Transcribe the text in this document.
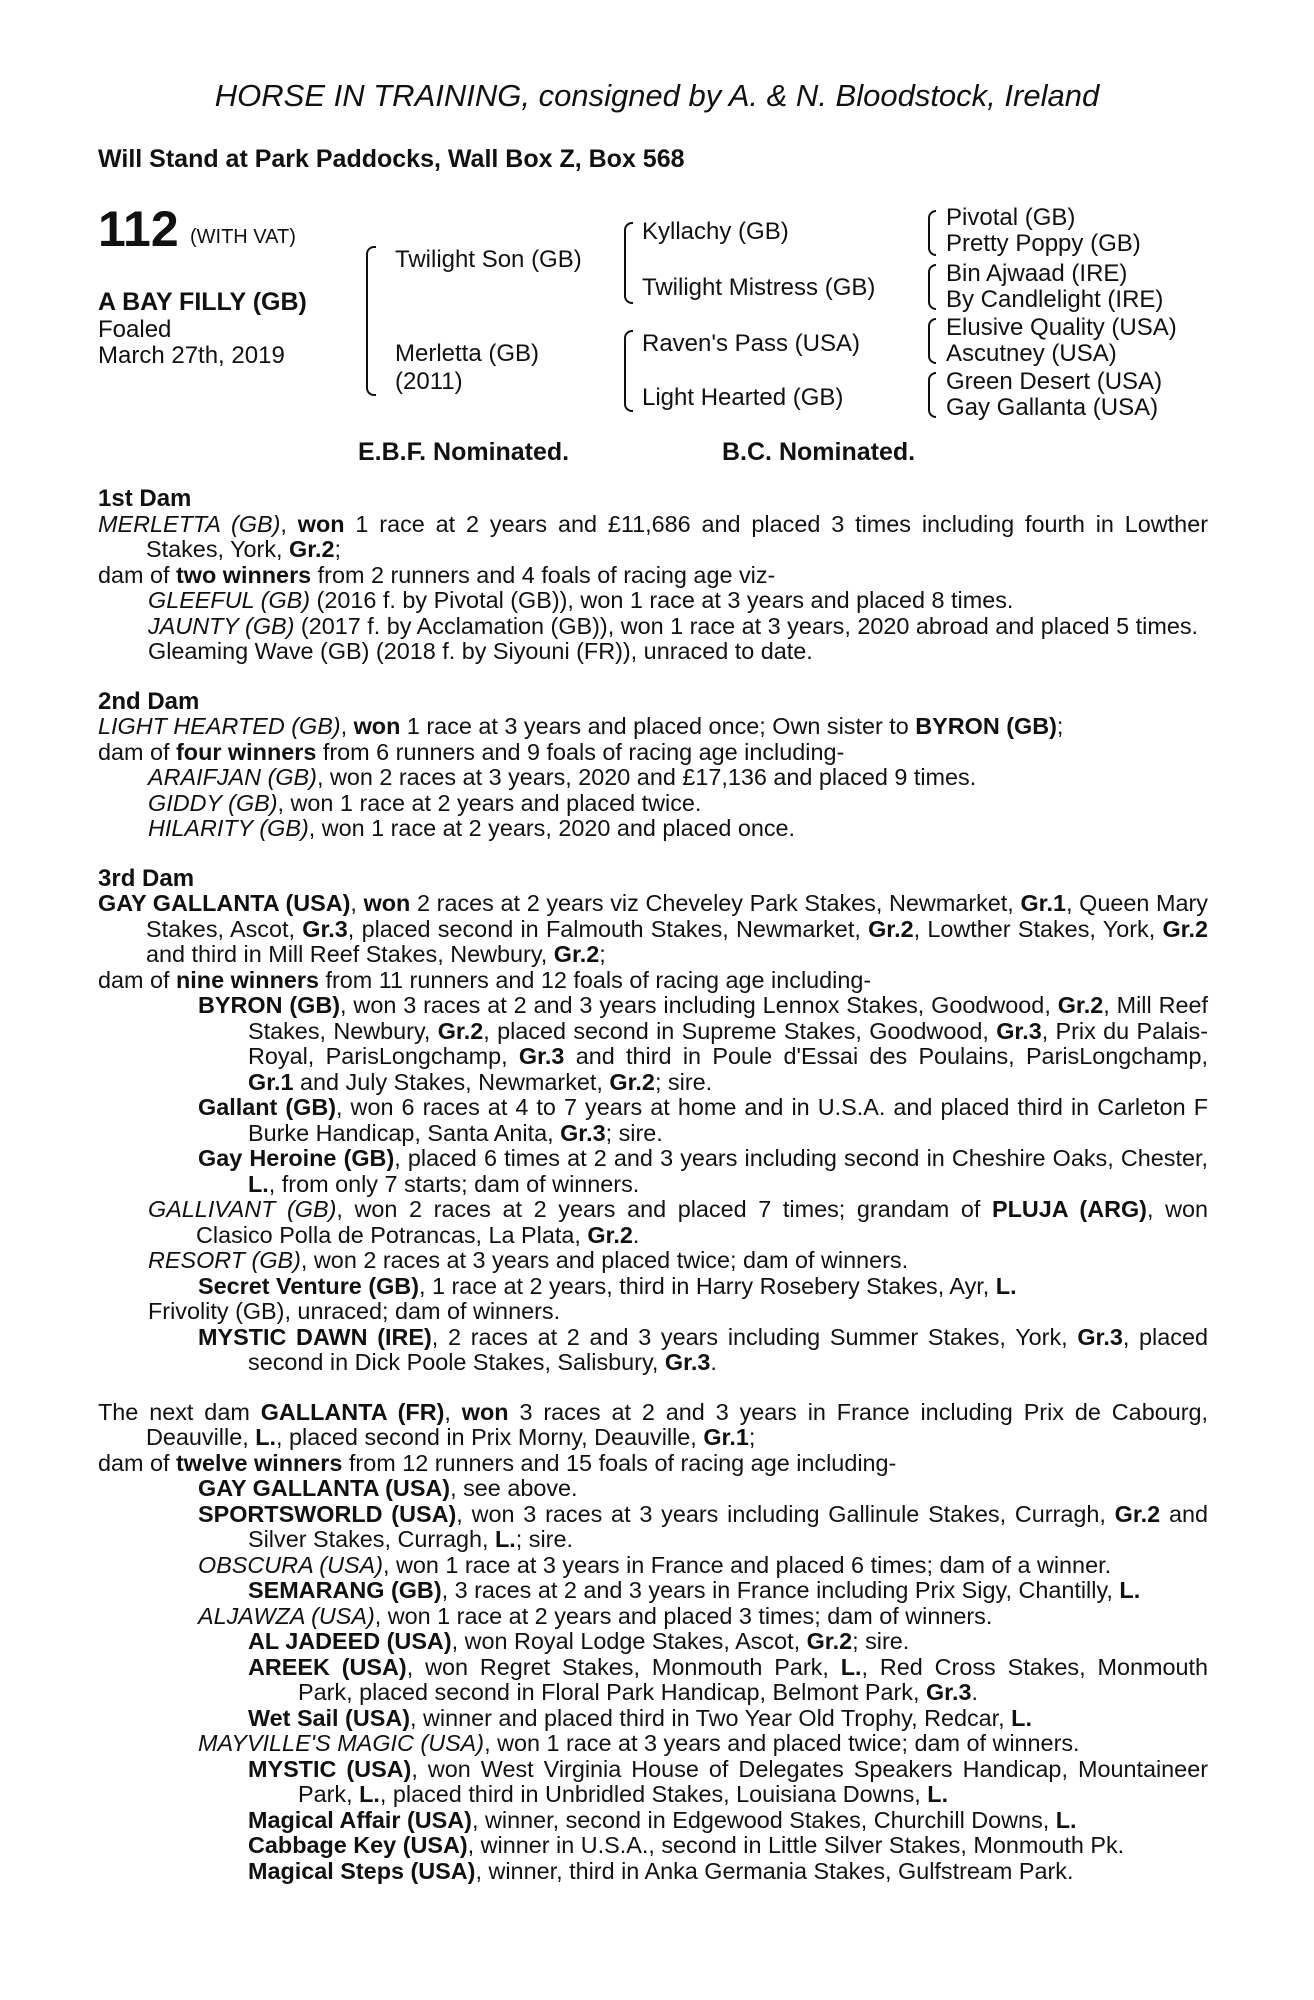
HORSE IN TRAINING, consigned by A. & N. Bloodstock, Ireland
Will Stand at Park Paddocks, Wall Box Z, Box 568
112 (WITH VAT)
A BAY FILLY (GB)
Foaled
March 27th, 2019
Twilight Son (GB)
Merletta (GB)
(2011)
Kyllachy (GB)
Twilight Mistress (GB)
Raven's Pass (USA)
Light Hearted (GB)
Pivotal (GB)
Pretty Poppy (GB)
Bin Ajwaad (IRE)
By Candlelight (IRE)
Elusive Quality (USA)
Ascutney (USA)
Green Desert (USA)
Gay Gallanta (USA)
E.B.F. Nominated.	B.C. Nominated.

1st Dam

MERLETTA (GB), won 1 race at 2 years and £11,686 and placed 3 times including fourth in Lowther Stakes, York, Gr.2;

dam of two winners from 2 runners and 4 foals of racing age viz-

GLEEFUL (GB) (2016 f. by Pivotal (GB)), won 1 race at 3 years and placed 8 times.

JAUNTY (GB) (2017 f. by Acclamation (GB)), won 1 race at 3 years, 2020 abroad and placed 5 times.

Gleaming Wave (GB) (2018 f. by Siyouni (FR)), unraced to date.

2nd Dam

LIGHT HEARTED (GB), won 1 race at 3 years and placed once; Own sister to BYRON (GB);

dam of four winners from 6 runners and 9 foals of racing age including-

ARAIFJAN (GB), won 2 races at 3 years, 2020 and £17,136 and placed 9 times.

GIDDY (GB), won 1 race at 2 years and placed twice.

HILARITY (GB), won 1 race at 2 years, 2020 and placed once.

3rd Dam

GAY GALLANTA (USA), won 2 races at 2 years viz Cheveley Park Stakes, Newmarket, Gr.1, Queen Mary Stakes, Ascot, Gr.3, placed second in Falmouth Stakes, Newmarket, Gr.2, Lowther Stakes, York, Gr.2 and third in Mill Reef Stakes, Newbury, Gr.2;

dam of nine winners from 11 runners and 12 foals of racing age including-

BYRON (GB), won 3 races at 2 and 3 years including Lennox Stakes, Goodwood, Gr.2, Mill Reef Stakes, Newbury, Gr.2, placed second in Supreme Stakes, Goodwood, Gr.3, Prix du Palais-Royal, ParisLongchamp, Gr.3 and third in Poule d'Essai des Poulains, ParisLongchamp, Gr.1 and July Stakes, Newmarket, Gr.2; sire.

Gallant (GB), won 6 races at 4 to 7 years at home and in U.S.A. and placed third in Carleton F Burke Handicap, Santa Anita, Gr.3; sire.

Gay Heroine (GB), placed 6 times at 2 and 3 years including second in Cheshire Oaks, Chester, L., from only 7 starts; dam of winners.

GALLIVANT (GB), won 2 races at 2 years and placed 7 times; grandam of PLUJA (ARG), won Clasico Polla de Potrancas, La Plata, Gr.2.

RESORT (GB), won 2 races at 3 years and placed twice; dam of winners.

Secret Venture (GB), 1 race at 2 years, third in Harry Rosebery Stakes, Ayr, L.

Frivolity (GB), unraced; dam of winners.

MYSTIC DAWN (IRE), 2 races at 2 and 3 years including Summer Stakes, York, Gr.3, placed second in Dick Poole Stakes, Salisbury, Gr.3.

The next dam GALLANTA (FR), won 3 races at 2 and 3 years in France including Prix de Cabourg, Deauville, L., placed second in Prix Morny, Deauville, Gr.1;

dam of twelve winners from 12 runners and 15 foals of racing age including-

GAY GALLANTA (USA), see above.

SPORTSWORLD (USA), won 3 races at 3 years including Gallinule Stakes, Curragh, Gr.2 and Silver Stakes, Curragh, L.; sire.

OBSCURA (USA), won 1 race at 3 years in France and placed 6 times; dam of a winner.

SEMARANG (GB), 3 races at 2 and 3 years in France including Prix Sigy, Chantilly, L.

ALJAWZA (USA), won 1 race at 2 years and placed 3 times; dam of winners.

AL JADEED (USA), won Royal Lodge Stakes, Ascot, Gr.2; sire.

AREEK (USA), won Regret Stakes, Monmouth Park, L., Red Cross Stakes, Monmouth Park, placed second in Floral Park Handicap, Belmont Park, Gr.3.

Wet Sail (USA), winner and placed third in Two Year Old Trophy, Redcar, L.

MAYVILLE'S MAGIC (USA), won 1 race at 3 years and placed twice; dam of winners.

MYSTIC (USA), won West Virginia House of Delegates Speakers Handicap, Mountaineer Park, L., placed third in Unbridled Stakes, Louisiana Downs, L.

Magical Affair (USA), winner, second in Edgewood Stakes, Churchill Downs, L.

Cabbage Key (USA), winner in U.S.A., second in Little Silver Stakes, Monmouth Pk.

Magical Steps (USA), winner, third in Anka Germania Stakes, Gulfstream Park.
